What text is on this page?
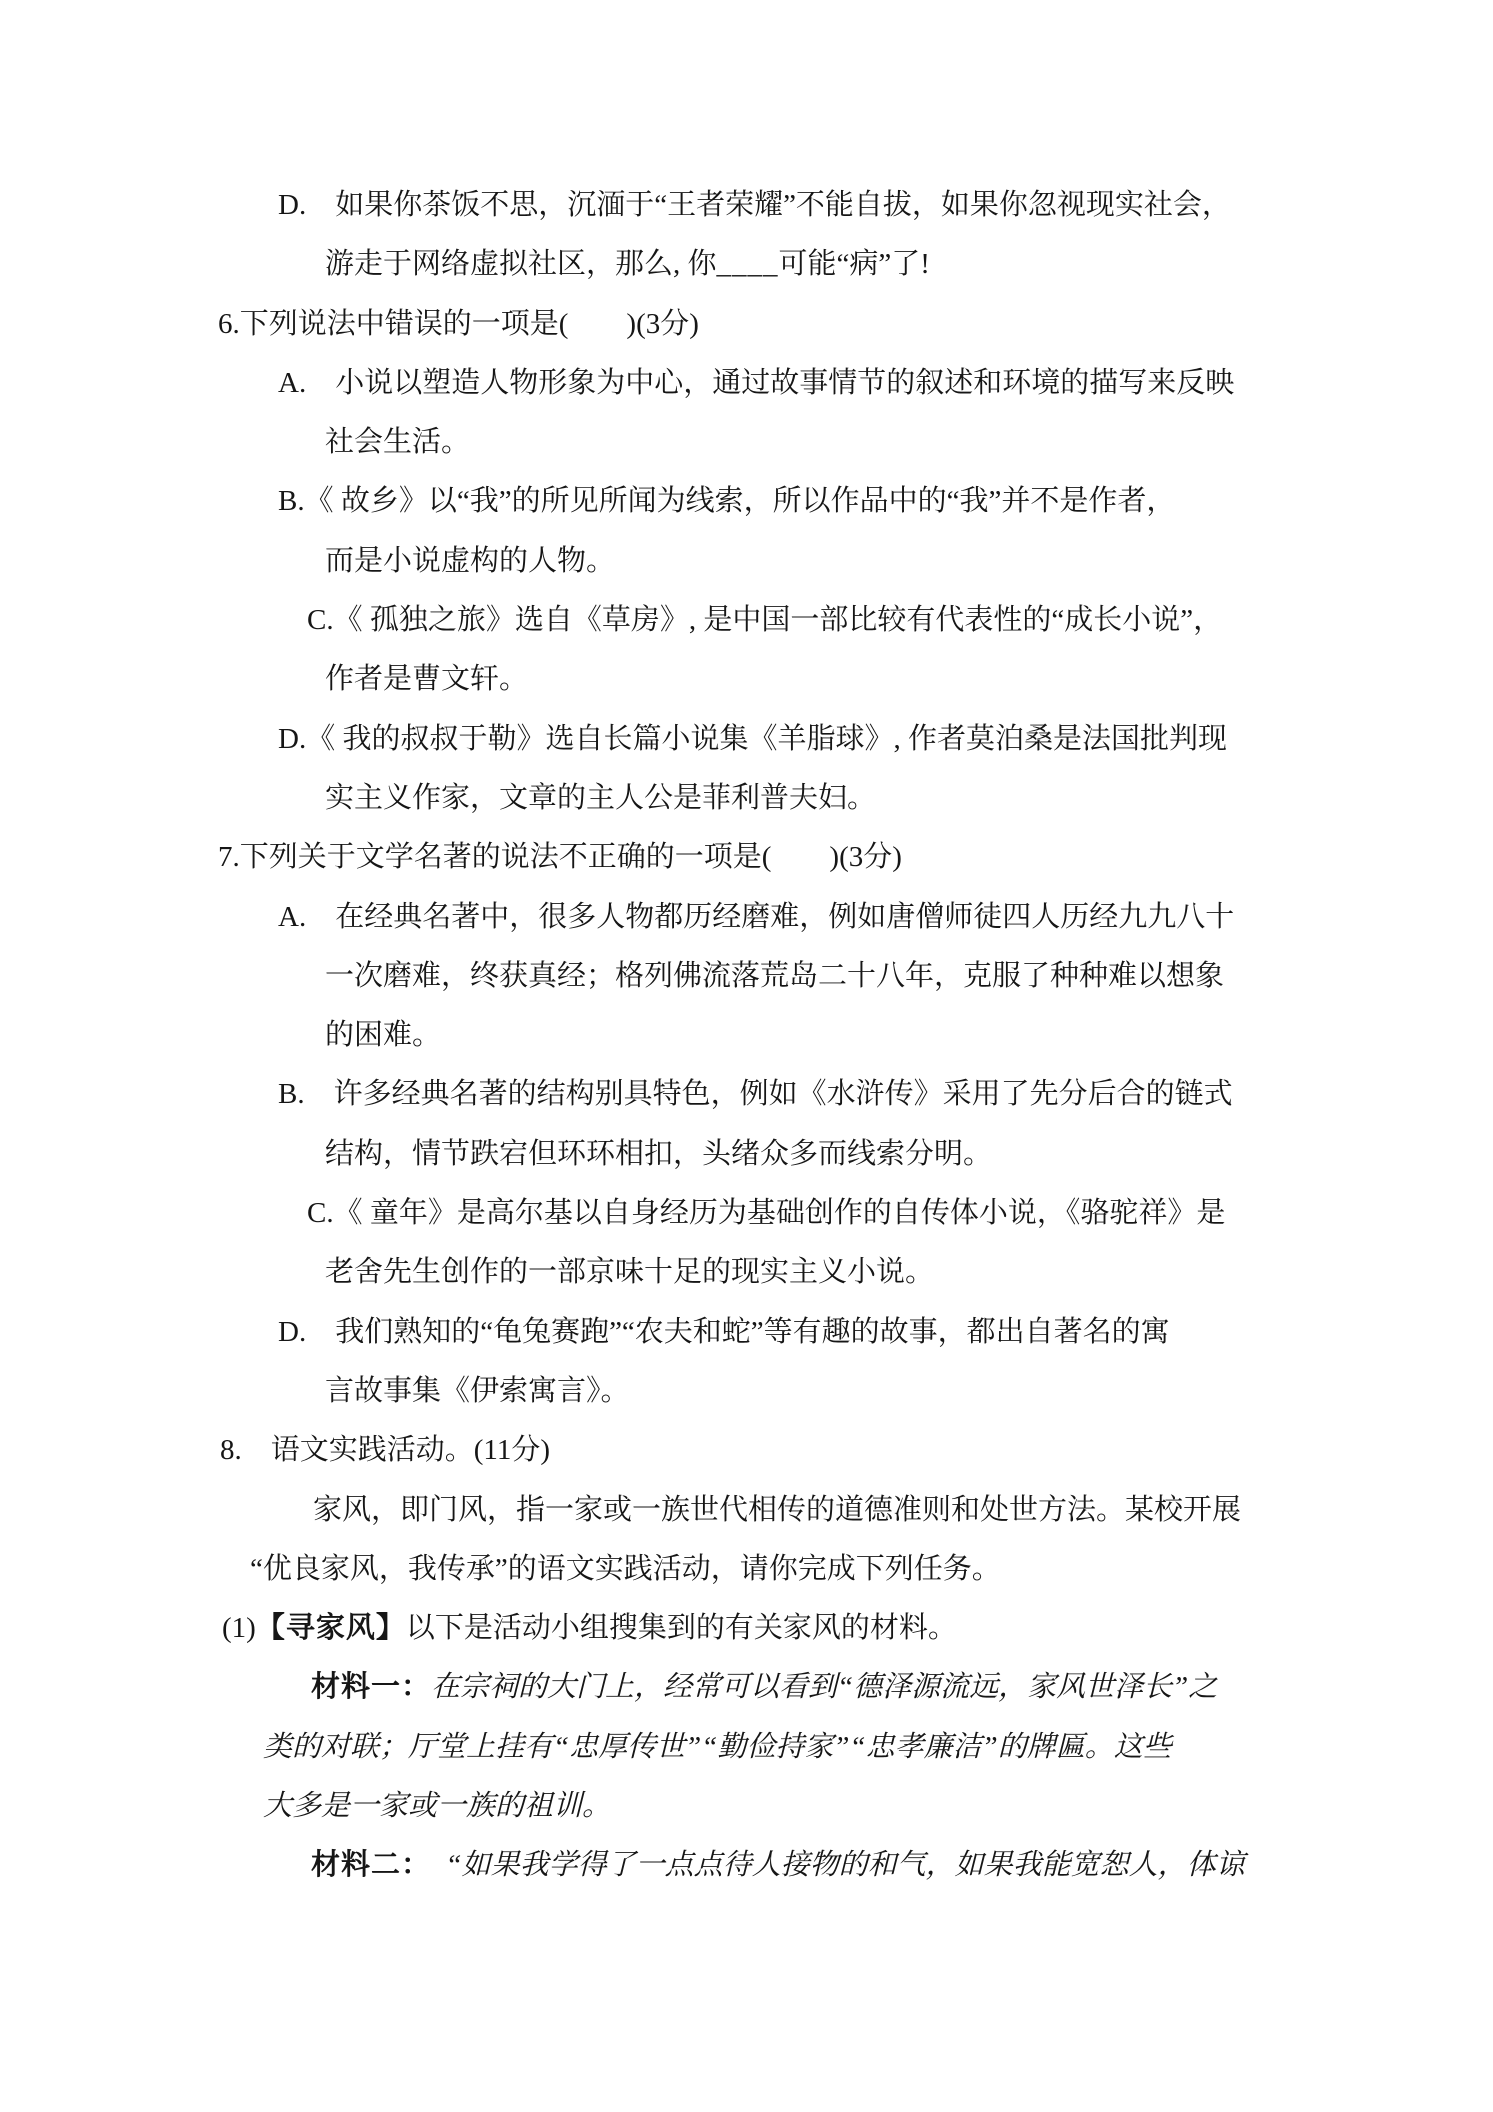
D.　如果你茶饭不思，沉湎于“王者荣耀”不能自拔，如果你忽视现实社会，
游走于网络虚拟社区，那么, 你____可能“病”了!
6.下列说法中错误的一项是(　　)(3分)
A.　小说以塑造人物形象为中心，通过故事情节的叙述和环境的描写来反映
社会生活。
B.《 故乡》以“我”的所见所闻为线索，所以作品中的“我”并不是作者，
而是小说虚构的人物。
C.《 孤独之旅》选自《草房》, 是中国一部比较有代表性的“成长小说”，
作者是曹文轩。
D.《 我的叔叔于勒》选自长篇小说集《羊脂球》, 作者莫泊桑是法国批判现
实主义作家，文章的主人公是菲利普夫妇。
7.下列关于文学名著的说法不正确的一项是(　　)(3分)
A.　在经典名著中，很多人物都历经磨难，例如唐僧师徒四人历经九九八十
一次磨难，终获真经；格列佛流落荒岛二十八年，克服了种种难以想象
的困难。
B.　许多经典名著的结构别具特色，例如《水浒传》采用了先分后合的链式
结构，情节跌宕但环环相扣，头绪众多而线索分明。
C.《 童年》是高尔基以自身经历为基础创作的自传体小说，《骆驼祥》是
老舍先生创作的一部京味十足的现实主义小说。
D.　我们熟知的“龟兔赛跑”“农夫和蛇”等有趣的故事，都出自著名的寓
言故事集《伊索寓言》。
8.　语文实践活动。(11分)
家风，即门风，指一家或一族世代相传的道德准则和处世方法。某校开展
“优良家风，我传承”的语文实践活动，请你完成下列任务。
(1)【寻家风】以下是活动小组搜集到的有关家风的材料。
材料一：在宗祠的大门上，经常可以看到“德泽源流远，家风世泽长”之
类的对联；厅堂上挂有“忠厚传世”“勤俭持家”“忠孝廉洁”的牌匾。这些
大多是一家或一族的祖训。
材料二：　“如果我学得了一点点待人接物的和气，如果我能宽恕人，体谅
